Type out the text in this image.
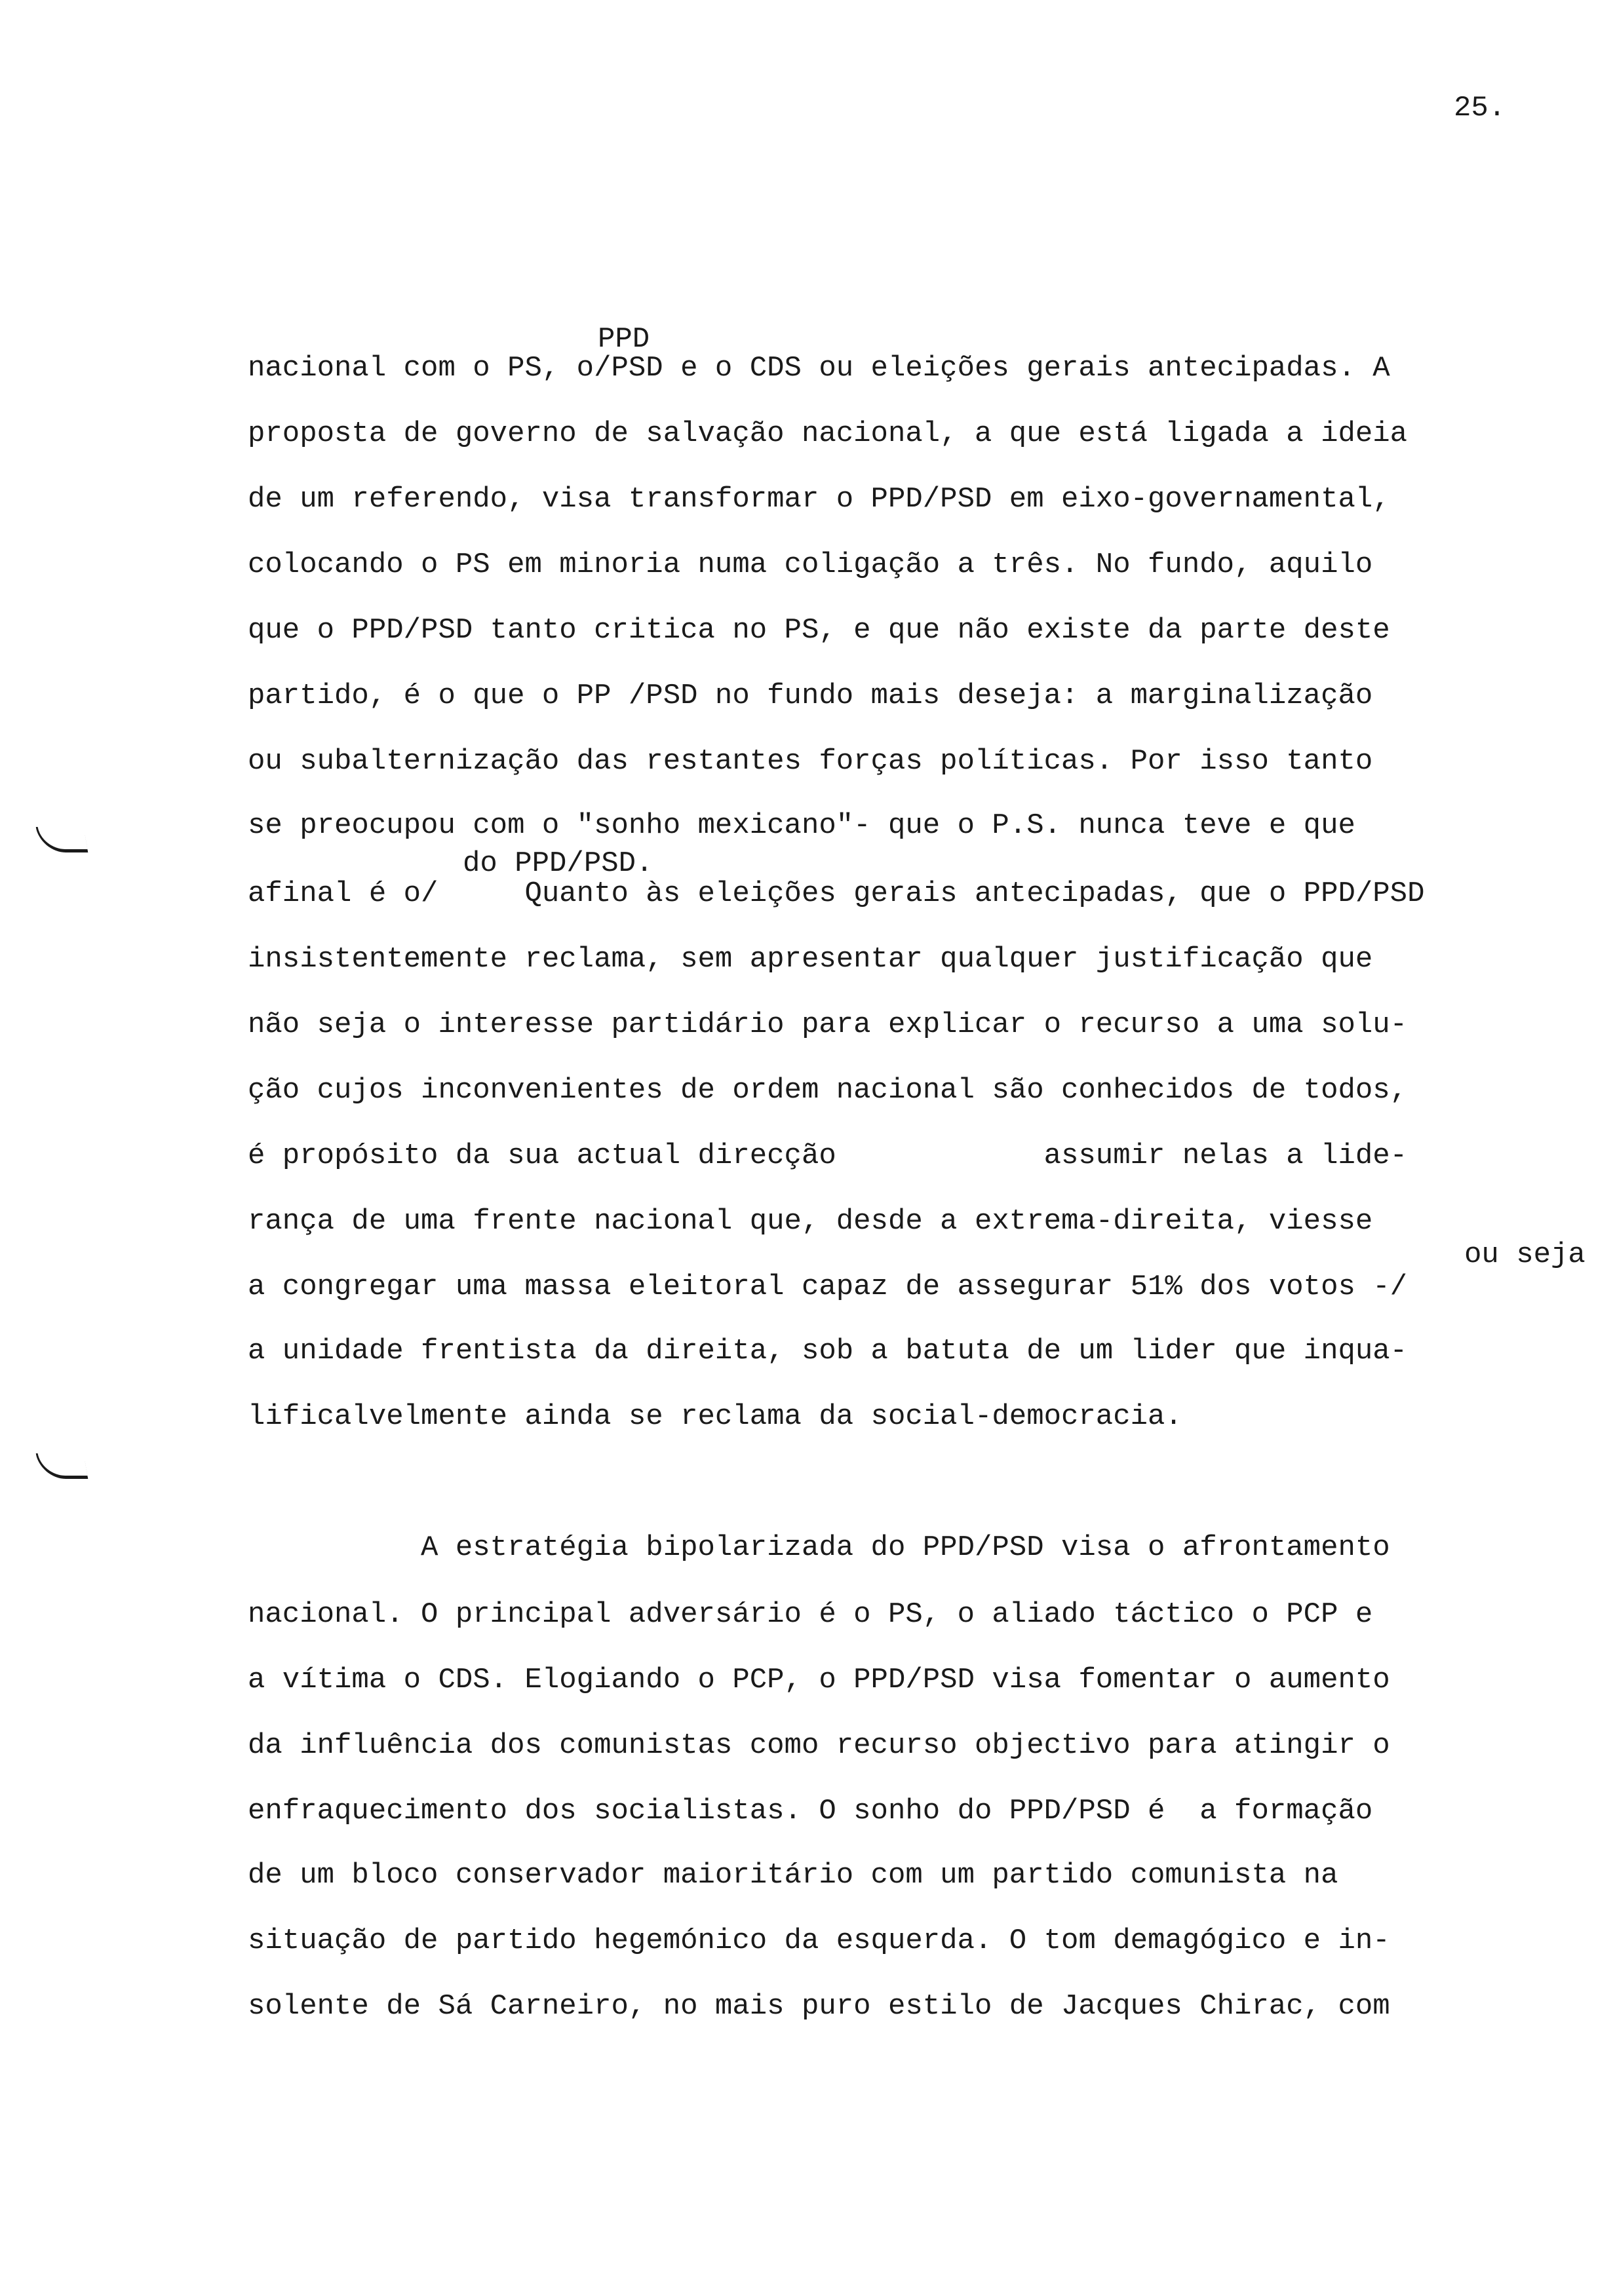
25.
PPD
do PPD/PSD.
ou seja
nacional com o PS, o/PSD e o CDS ou eleições gerais antecipadas. A
proposta de governo de salvação nacional, a que está ligada a ideia
de um referendo, visa transformar o PPD/PSD em eixo-governamental,
colocando o PS em minoria numa coligação a três. No fundo, aquilo
que o PPD/PSD tanto critica no PS, e que não existe da parte deste
partido, é o que o PP /PSD no fundo mais deseja: a marginalização
ou subalternização das restantes forças políticas. Por isso tanto
se preocupou com o "sonho mexicano"- que o P.S. nunca teve e que
afinal é o/     Quanto às eleições gerais antecipadas, que o PPD/PSD
insistentemente reclama, sem apresentar qualquer justificação que
não seja o interesse partidário para explicar o recurso a uma solu-
ção cujos inconvenientes de ordem nacional são conhecidos de todos,
é propósito da sua actual direcção            assumir nelas a lide-
rança de uma frente nacional que, desde a extrema-direita, viesse
a congregar uma massa eleitoral capaz de assegurar 51% dos votos -/
a unidade frentista da direita, sob a batuta de um lider que inqua-
lificalvelmente ainda se reclama da social-democracia.
A estratégia bipolarizada do PPD/PSD visa o afrontamento
nacional. O principal adversário é o PS, o aliado táctico o PCP e
a vítima o CDS. Elogiando o PCP, o PPD/PSD visa fomentar o aumento
da influência dos comunistas como recurso objectivo para atingir o
enfraquecimento dos socialistas. O sonho do PPD/PSD é  a formação
de um bloco conservador maioritário com um partido comunista na
situação de partido hegemónico da esquerda. O tom demagógico e in-
solente de Sá Carneiro, no mais puro estilo de Jacques Chirac, com
